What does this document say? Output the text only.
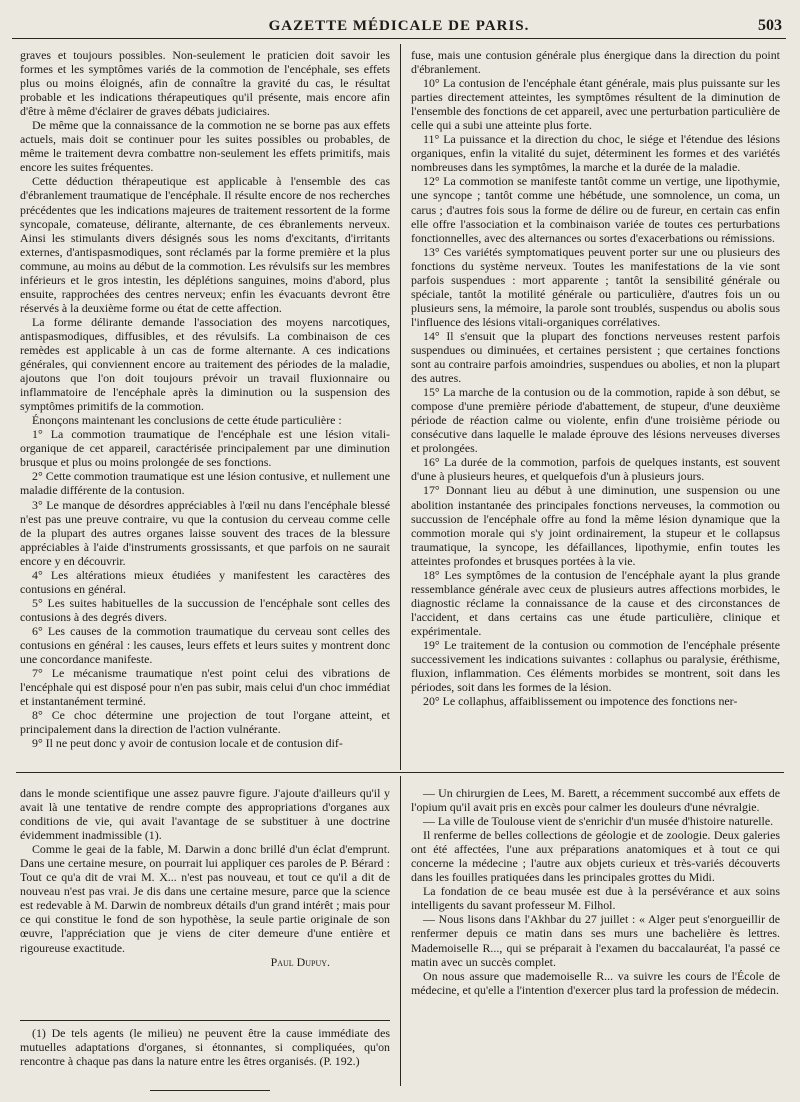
GAZETTE MÉDICALE DE PARIS.	503

graves et toujours possibles. Non-seulement le praticien doit savoir les formes et les symptômes variés de la commotion de l'encéphale, ses effets plus ou moins éloignés, afin de connaître la gravité du cas, le résultat probable et les indications thérapeutiques qu'il présente, mais encore afin d'être à même d'éclairer de graves débats judiciaires.

De même que la connaissance de la commotion ne se borne pas aux effets actuels, mais doit se continuer pour les suites possibles ou probables, de même le traitement devra combattre non-seulement les effets primitifs, mais encore les suites fréquentes.

Cette déduction thérapeutique est applicable à l'ensemble des cas d'ébranlement traumatique de l'encéphale. Il résulte encore de nos recherches précédentes que les indications majeures de traitement ressortent de la forme syncopale, comateuse, délirante, alternante, de ces ébranlements nerveux. Ainsi les stimulants divers désignés sous les noms d'excitants, d'irritants externes, d'antispasmodiques, sont réclamés par la forme première et la plus commune, au moins au début de la commotion. Les révulsifs sur les membres inférieurs et le gros intestin, les déplétions sanguines, moins d'abord, plus ensuite, rapprochées des centres nerveux; enfin les évacuants devront être réservés à la deuxième forme ou état de cette affection.

La forme délirante demande l'association des moyens narcotiques, antispasmodiques, diffusibles, et des révulsifs. La combinaison de ces remèdes est applicable à un cas de forme alternante. A ces indications générales, qui conviennent encore au traitement des périodes de la maladie, ajoutons que l'on doit toujours prévoir un travail fluxionnaire ou inflammatoire de l'encéphale après la diminution ou la suspension des symptômes primitifs de la commotion.

Énonçons maintenant les conclusions de cette étude particulière :

1° La commotion traumatique de l'encéphale est une lésion vitali-organique de cet appareil, caractérisée principalement par une diminution brusque et plus ou moins prolongée de ses fonctions.

2° Cette commotion traumatique est une lésion contusive, et nullement une maladie différente de la contusion.

3° Le manque de désordres appréciables à l'œil nu dans l'encéphale blessé n'est pas une preuve contraire, vu que la contusion du cerveau comme celle de la plupart des autres organes laisse souvent des traces de la blessure appréciables à l'aide d'instruments grossissants, et que parfois on ne saurait encore y en découvrir.

4° Les altérations mieux étudiées y manifestent les caractères des contusions en général.

5° Les suites habituelles de la succussion de l'encéphale sont celles des contusions à des degrés divers.

6° Les causes de la commotion traumatique du cerveau sont celles des contusions en général : les causes, leurs effets et leurs suites y montrent donc une concordance manifeste.

7° Le mécanisme traumatique n'est point celui des vibrations de l'encéphale qui est disposé pour n'en pas subir, mais celui d'un choc immédiat et instantanément terminé.

8° Ce choc détermine une projection de tout l'organe atteint, et principalement dans la direction de l'action vulnérante.

9° Il ne peut donc y avoir de contusion locale et de contusion dif-

fuse, mais une contusion générale plus énergique dans la direction du point d'ébranlement.

10° La contusion de l'encéphale étant générale, mais plus puissante sur les parties directement atteintes, les symptômes résultent de la diminution de l'ensemble des fonctions de cet appareil, avec une perturbation particulière de celle qui a subi une atteinte plus forte.

11° La puissance et la direction du choc, le siége et l'étendue des lésions organiques, enfin la vitalité du sujet, déterminent les formes et des variétés nombreuses dans les symptômes, la marche et la durée de la maladie.

12° La commotion se manifeste tantôt comme un vertige, une lipothymie, une syncope ; tantôt comme une hébétude, une somnolence, un coma, un carus ; d'autres fois sous la forme de délire ou de fureur, en certain cas enfin elle offre l'association et la combinaison variée de toutes ces perturbations fonctionnelles, avec des alternances ou sortes d'exacerbations ou rémissions.

13° Ces variétés symptomatiques peuvent porter sur une ou plusieurs des fonctions du système nerveux. Toutes les manifestations de la vie sont parfois suspendues : mort apparente ; tantôt la sensibilité générale ou spéciale, tantôt la motilité générale ou particulière, d'autres fois un ou plusieurs sens, la mémoire, la parole sont troublés, suspendus ou abolis sous l'influence des lésions vitali-organiques corrélatives.

14° Il s'ensuit que la plupart des fonctions nerveuses restent parfois suspendues ou diminuées, et certaines persistent ; que certaines fonctions sont au contraire parfois amoindries, suspendues ou abolies, et non la plupart des autres.

15° La marche de la contusion ou de la commotion, rapide à son début, se compose d'une première période d'abattement, de stupeur, d'une deuxième période de réaction calme ou violente, enfin d'une troisième période ou consécutive dans laquelle le malade éprouve des lésions nerveuses diverses et prolongées.

16° La durée de la commotion, parfois de quelques instants, est souvent d'une à plusieurs heures, et quelquefois d'un à plusieurs jours.

17° Donnant lieu au début à une diminution, une suspension ou une abolition instantanée des principales fonctions nerveuses, la commotion ou succussion de l'encéphale offre au fond la même lésion dynamique que la commotion morale qui s'y joint ordinairement, la stupeur et le collapsus traumatique, la syncope, les défaillances, lipothymie, enfin toutes les atteintes profondes et brusques portées à la vie.

18° Les symptômes de la contusion de l'encéphale ayant la plus grande ressemblance générale avec ceux de plusieurs autres affections morbides, le diagnostic réclame la connaissance de la cause et des circonstances de l'accident, et dans certains cas une étude particulière, clinique et expérimentale.

19° Le traitement de la contusion ou commotion de l'encéphale présente successivement les indications suivantes : collaphus ou paralysie, éréthisme, fluxion, inflammation. Ces éléments morbides se montrent, soit dans les périodes, soit dans les formes de la lésion.

20° Le collaphus, affaiblissement ou impotence des fonctions ner-

dans le monde scientifique une assez pauvre figure. J'ajoute d'ailleurs qu'il y avait là une tentative de rendre compte des appropriations d'organes aux conditions de vie, qui avait l'avantage de se substituer à une doctrine évidemment inadmissible (1).

Comme le geai de la fable, M. Darwin a donc brillé d'un éclat d'emprunt. Dans une certaine mesure, on pourrait lui appliquer ces paroles de P. Bérard : Tout ce qu'a dit de vrai M. X... n'est pas nouveau, et tout ce qu'il a dit de nouveau n'est pas vrai. Je dis dans une certaine mesure, parce que la science est redevable à M. Darwin de nombreux détails d'un grand intérêt ; mais pour ce qui constitue le fond de son hypothèse, la seule partie originale de son œuvre, l'appréciation que je viens de citer demeure d'une entière et rigoureuse exactitude.

Paul Dupuy.

(1) De tels agents (le milieu) ne peuvent être la cause immédiate des mutuelles adaptations d'organes, si étonnantes, si compliquées, qu'on rencontre à chaque pas dans la nature entre les êtres organisés. (P. 192.)

— Un chirurgien de Lees, M. Barett, a récemment succombé aux effets de l'opium qu'il avait pris en excès pour calmer les douleurs d'une névralgie.

— La ville de Toulouse vient de s'enrichir d'un musée d'histoire naturelle.

Il renferme de belles collections de géologie et de zoologie. Deux galeries ont été affectées, l'une aux préparations anatomiques et à tout ce qui concerne la médecine ; l'autre aux objets curieux et très-variés découverts dans les fouilles pratiquées dans les principales grottes du Midi.

La fondation de ce beau musée est due à la persévérance et aux soins intelligents du savant professeur M. Filhol.

— Nous lisons dans l'Akhbar du 27 juillet : « Alger peut s'enorgueillir de renfermer depuis ce matin dans ses murs une bachelière ès lettres. Mademoiselle R..., qui se préparait à l'examen du baccalauréat, l'a passé ce matin avec un succès complet.

On nous assure que mademoiselle R... va suivre les cours de l'École de médecine, et qu'elle a l'intention d'exercer plus tard la profession de médecin.
